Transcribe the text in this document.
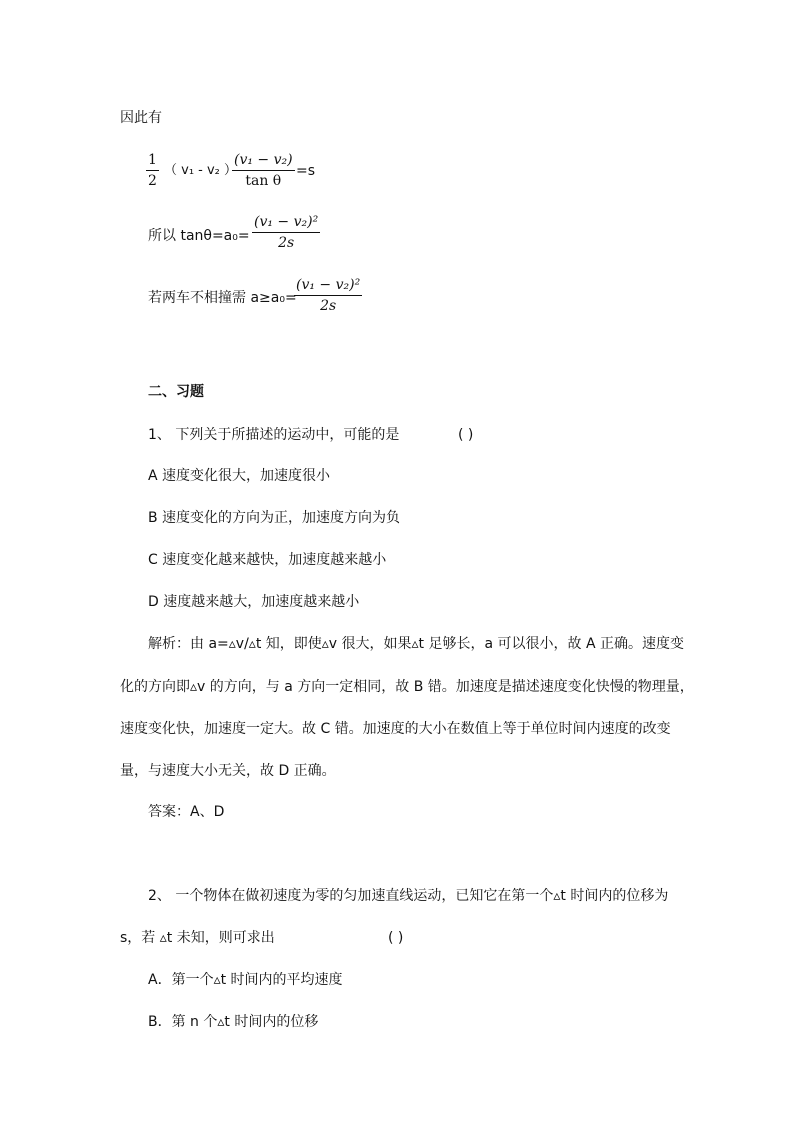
因此有
1
2
（ v₁ - v₂ ）
(v₁ − v₂)
tan θ
=s
所以 tanθ=a₀=
(v₁ − v₂)²
2s
若两车不相撞需 a≥a₀=
(v₁ − v₂)²
2s
二、习题
1、 下列关于所描述的运动中，可能的是	( )
A 速度变化很大，加速度很小
B 速度变化的方向为正，加速度方向为负
C 速度变化越来越快，加速度越来越小
D 速度越来越大，加速度越来越小
解析：由 a=▵v/▵t 知，即使▵v 很大，如果▵t 足够长，a 可以很小，故 A 正确。速度变
化的方向即▵v 的方向，与 a 方向一定相同，故 B 错。加速度是描述速度变化快慢的物理量，
速度变化快，加速度一定大。故 C 错。加速度的大小在数值上等于单位时间内速度的改变
量，与速度大小无关，故 D 正确。
答案：A、D
2、 一个物体在做初速度为零的匀加速直线运动，已知它在第一个▵t 时间内的位移为
s，若 ▵t 未知，则可求出	( )
A．第一个▵t 时间内的平均速度
B．第 n 个▵t 时间内的位移
